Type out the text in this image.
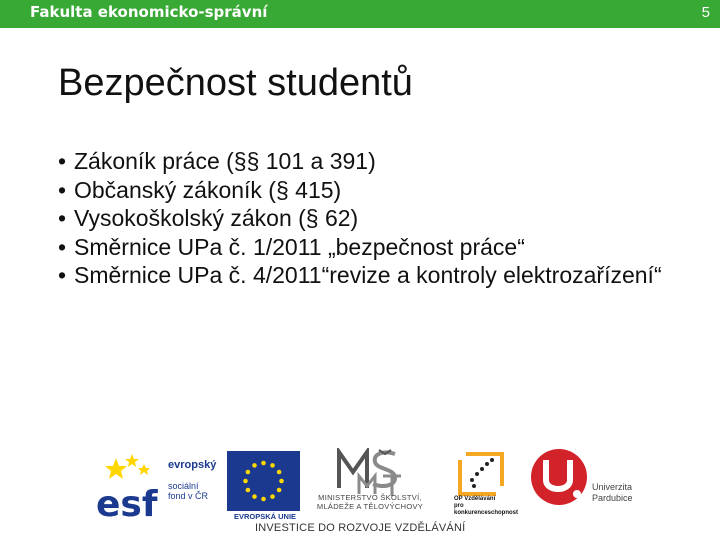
Fakulta ekonomicko-správní	5
Bezpečnost studentů
• Zákoník práce (§§ 101 a 391)
• Občanský zákoník (§ 415)
• Vysokoškolský zákon (§ 62)
• Směrnice UPa č. 1/2011 „bezpečnost práce“
• Směrnice UPa č. 4/2011“revize a kontroly elektrozařízení“
esf
evropský
sociální
fond v ČR
EVROPSKÁ UNIE
MINISTERSTVO ŠKOLSTVÍ,
MLÁDEŽE A TĚLOVÝCHOVY
OP Vzdělávání
pro konkurenceschopnost
Univerzita
Pardubice
INVESTICE DO ROZVOJE VZDĚLÁVÁNÍ
